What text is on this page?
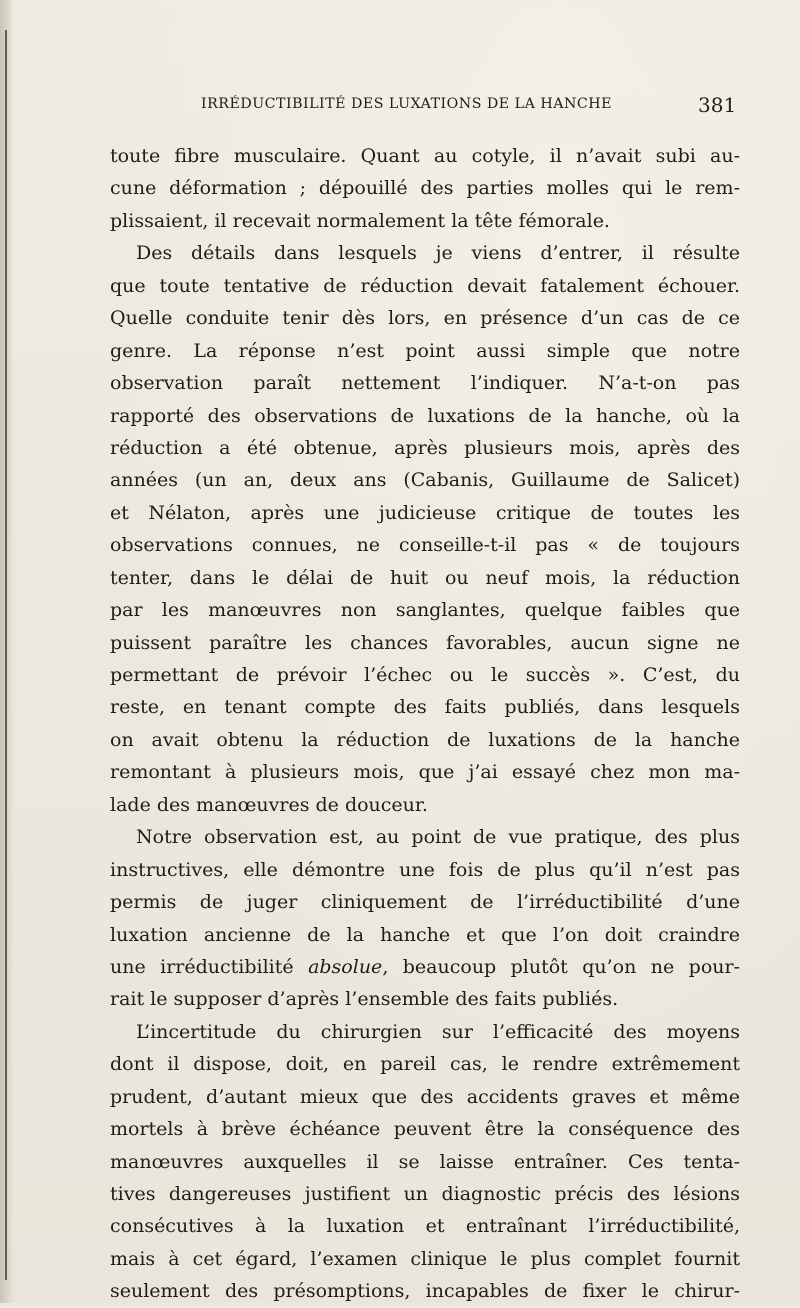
IRRÉDUCTIBILITÉ DES LUXATIONS DE LA HANCHE	381
toute fibre musculaire. Quant au cotyle, il n’avait subi au-
cune déformation ; dépouillé des parties molles qui le rem-
plissaient, il recevait normalement la tête fémorale.
Des détails dans lesquels je viens d’entrer, il résulte
que toute tentative de réduction devait fatalement échouer.
Quelle conduite tenir dès lors, en présence d’un cas de ce
genre. La réponse n’est point aussi simple que notre
observation paraît nettement l’indiquer. N’a-t-on pas
rapporté des observations de luxations de la hanche, où la
réduction a été obtenue, après plusieurs mois, après des
années (un an, deux ans (Cabanis, Guillaume de Salicet)
et Nélaton, après une judicieuse critique de toutes les
observations connues, ne conseille-t-il pas « de toujours
tenter, dans le délai de huit ou neuf mois, la réduction
par les manœuvres non sanglantes, quelque faibles que
puissent paraître les chances favorables, aucun signe ne
permettant de prévoir l’échec ou le succès ». C’est, du
reste, en tenant compte des faits publiés, dans lesquels
on avait obtenu la réduction de luxations de la hanche
remontant à plusieurs mois, que j’ai essayé chez mon ma-
lade des manœuvres de douceur.
Notre observation est, au point de vue pratique, des plus
instructives, elle démontre une fois de plus qu’il n’est pas
permis de juger cliniquement de l’irréductibilité d’une
luxation ancienne de la hanche et que l’on doit craindre
une irréductibilité absolue, beaucoup plutôt qu’on ne pour-
rait le supposer d’après l’ensemble des faits publiés.
L’incertitude du chirurgien sur l’efficacité des moyens
dont il dispose, doit, en pareil cas, le rendre extrêmement
prudent, d’autant mieux que des accidents graves et même
mortels à brève échéance peuvent être la conséquence des
manœuvres auxquelles il se laisse entraîner. Ces tenta-
tives dangereuses justifient un diagnostic précis des lésions
consécutives à la luxation et entraînant l’irréductibilité,
mais à cet égard, l’examen clinique le plus complet fournit
seulement des présomptions, incapables de fixer le chirur-
